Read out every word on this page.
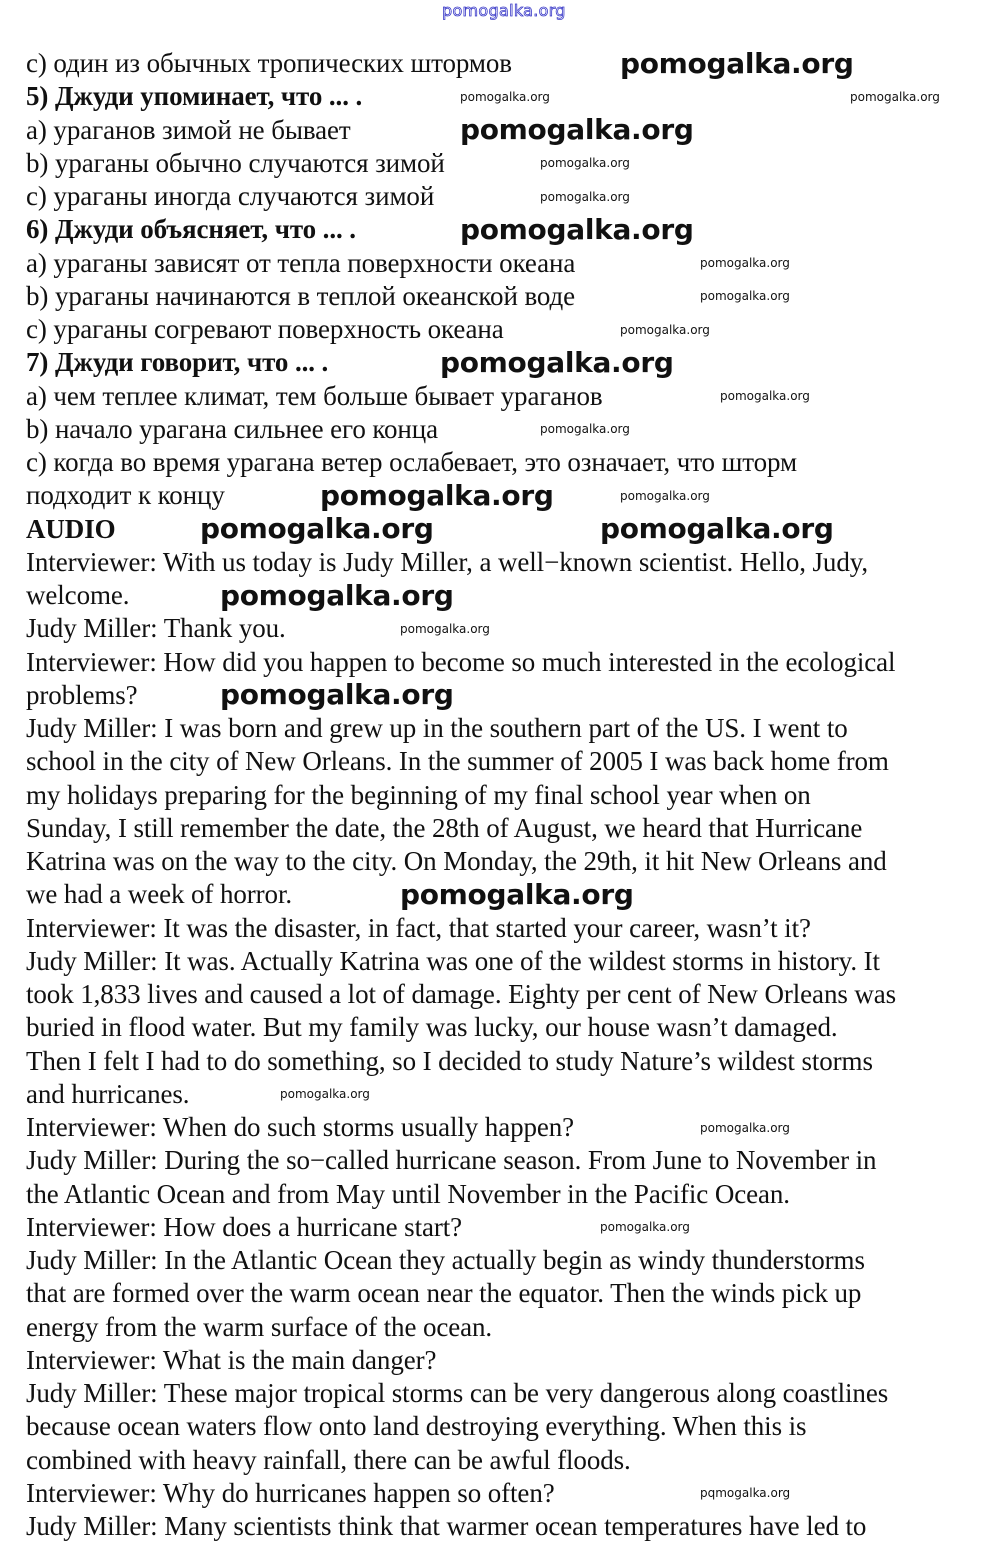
pomogalka.org
c) один из обычных тропических штормов
5) Джуди упоминает, что ... .
a) ураганов зимой не бывает
b) ураганы обычно случаются зимой
c) ураганы иногда случаются зимой
6) Джуди объясняет, что ... .
a) ураганы зависят от тепла поверхности океана
b) ураганы начинаются в теплой океанской воде
c) ураганы согревают поверхность океана
7) Джуди говорит, что ... .
a) чем теплее климат, тем больше бывает ураганов
b) начало урагана сильнее его конца
c) когда во время урагана ветер ослабевает, это означает, что шторм
подходит к концу
AUDIO
Interviewer: With us today is Judy Miller, a well−known scientist. Hello, Judy,
welcome.
Judy Miller: Thank you.
Interviewer: How did you happen to become so much interested in the ecological
problems?
Judy Miller: I was born and grew up in the southern part of the US. I went to
school in the city of New Orleans. In the summer of 2005 I was back home from
my holidays preparing for the beginning of my final school year when on
Sunday, I still remember the date, the 28th of August, we heard that Hurricane
Katrina was on the way to the city. On Monday, the 29th, it hit New Orleans and
we had a week of horror.
Interviewer: It was the disaster, in fact, that started your career, wasn’t it?
Judy Miller: It was. Actually Katrina was one of the wildest storms in history. It
took 1,833 lives and caused a lot of damage. Eighty per cent of New Orleans was
buried in flood water. But my family was lucky, our house wasn’t damaged.
Then I felt I had to do something, so I decided to study Nature’s wildest storms
and hurricanes.
Interviewer: When do such storms usually happen?
Judy Miller: During the so−called hurricane season. From June to November in
the Atlantic Ocean and from May until November in the Pacific Ocean.
Interviewer: How does a hurricane start?
Judy Miller: In the Atlantic Ocean they actually begin as windy thunderstorms
that are formed over the warm ocean near the equator. Then the winds pick up
energy from the warm surface of the ocean.
Interviewer: What is the main danger?
Judy Miller: These major tropical storms can be very dangerous along coastlines
because ocean waters flow onto land destroying everything. When this is
combined with heavy rainfall, there can be awful floods.
Interviewer: Why do hurricanes happen so often?
Judy Miller: Many scientists think that warmer ocean temperatures have led to
pomogalka.org
pomogalka.org
pomogalka.org
pomogalka.org
pomogalka.org
pomogalka.org	pomogalka.org
pomogalka.org
pomogalka.org
pomogalka.org
pomogalka.org	pomogalka.org
pomogalka.org
pomogalka.org
pomogalka.org
pomogalka.org
pomogalka.org
pomogalka.org
pomogalka.org
pomogalka.org
pomogalka.org
pomogalka.org
pomogalka.org
pomogalka.org
pqmogalka.org
